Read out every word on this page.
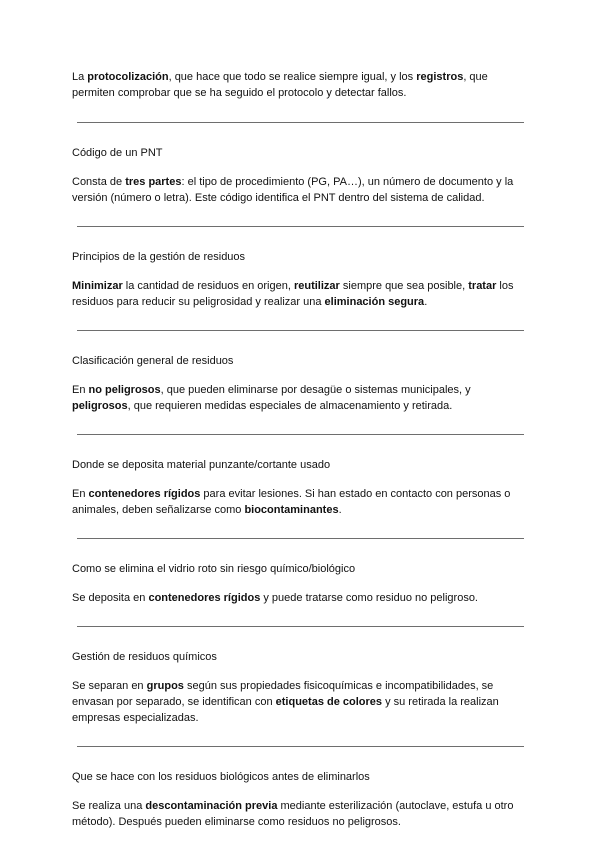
La protocolización, que hace que todo se realice siempre igual, y los registros, que permiten comprobar que se ha seguido el protocolo y detectar fallos.

Código de un PNT

Consta de tres partes: el tipo de procedimiento (PG, PA…), un número de documento y la versión (número o letra). Este código identifica el PNT dentro del sistema de calidad.

Principios de la gestión de residuos

Minimizar la cantidad de residuos en origen, reutilizar siempre que sea posible, tratar los residuos para reducir su peligrosidad y realizar una eliminación segura.

Clasificación general de residuos

En no peligrosos, que pueden eliminarse por desagüe o sistemas municipales, y peligrosos, que requieren medidas especiales de almacenamiento y retirada.

Donde se deposita material punzante/cortante usado

En contenedores rígidos para evitar lesiones. Si han estado en contacto con personas o animales, deben señalizarse como biocontaminantes.

Como se elimina el vidrio roto sin riesgo químico/biológico

Se deposita en contenedores rígidos y puede tratarse como residuo no peligroso.

Gestión de residuos químicos

Se separan en grupos según sus propiedades fisicoquímicas e incompatibilidades, se envasan por separado, se identifican con etiquetas de colores y su retirada la realizan empresas especializadas.

Que se hace con los residuos biológicos antes de eliminarlos

Se realiza una descontaminación previa mediante esterilización (autoclave, estufa u otro método). Después pueden eliminarse como residuos no peligrosos.
